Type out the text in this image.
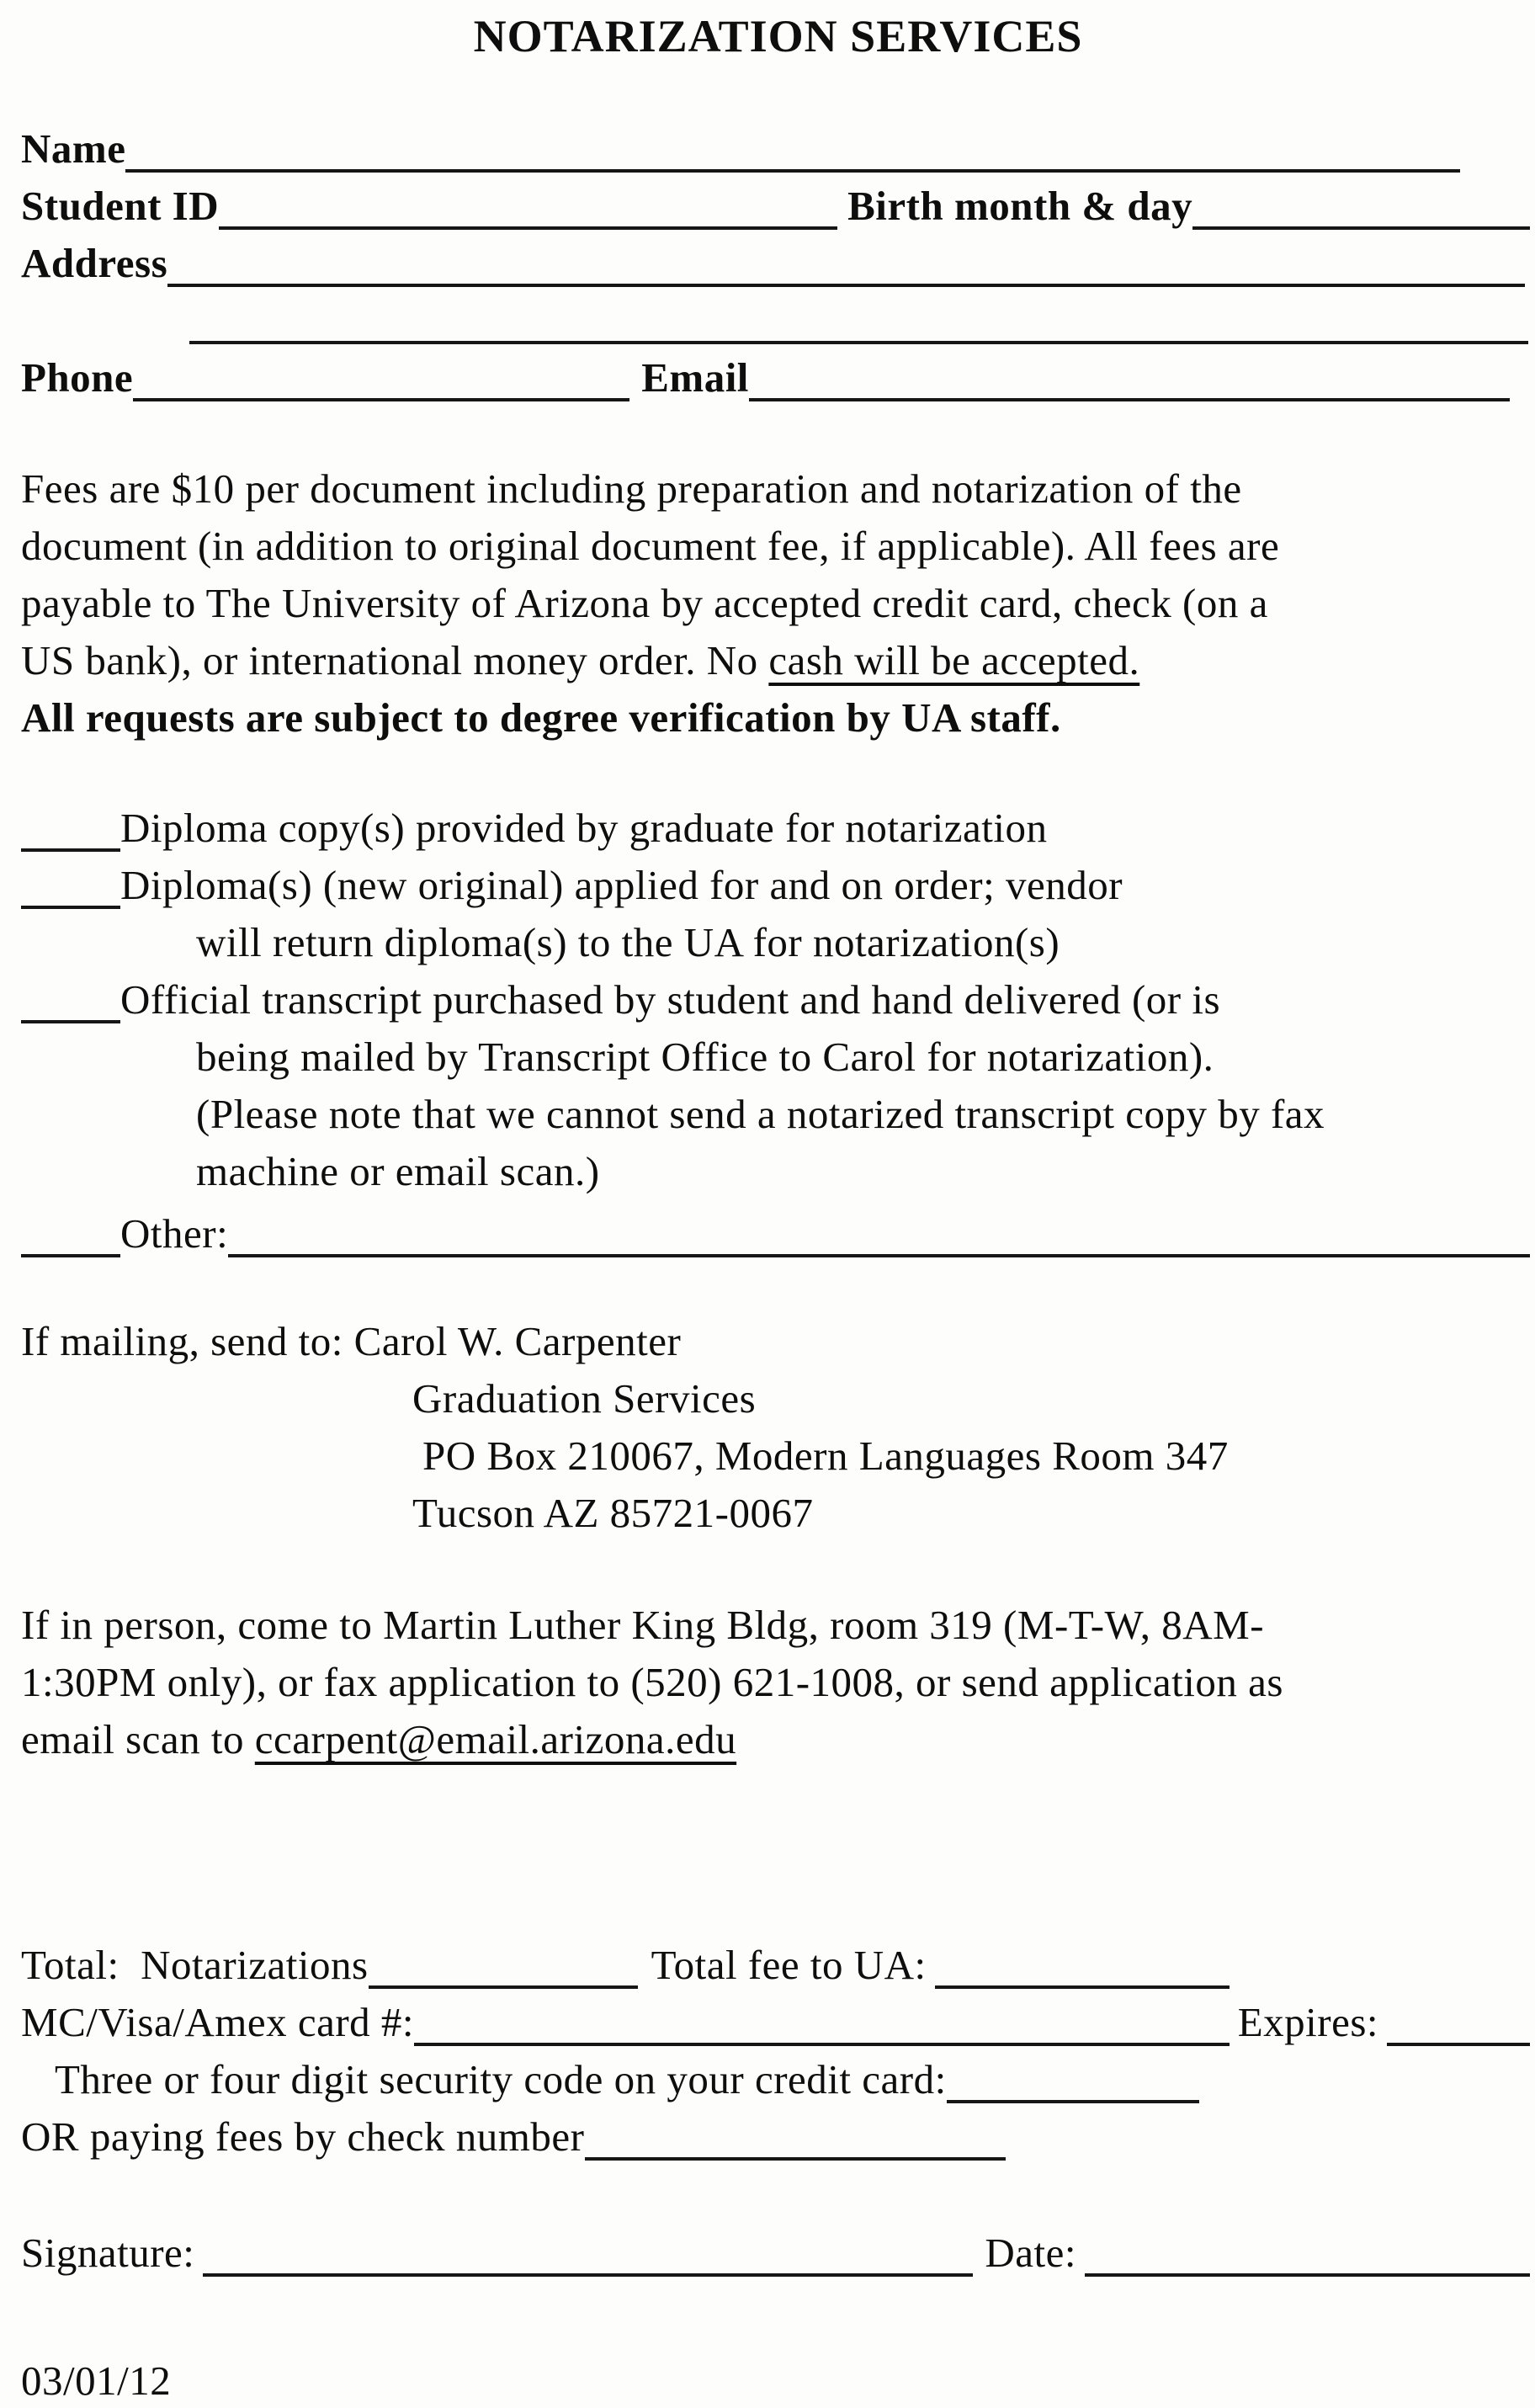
NOTARIZATION SERVICES
Name
Student ID	Birth month & day
Address
Phone	Email
Fees are $10 per document including preparation and notarization of the
document (in addition to original document fee, if applicable). All fees are
payable to The University of Arizona by accepted credit card, check (on a
US bank), or international money order. No cash will be accepted.
All requests are subject to degree verification by UA staff.
Diploma copy(s) provided by graduate for notarization
Diploma(s) (new original) applied for and on order; vendor
will return diploma(s) to the UA for notarization(s)
Official transcript purchased by student and hand delivered (or is
being mailed by Transcript Office to Carol for notarization).
(Please note that we cannot send a notarized transcript copy by fax
machine or email scan.)
Other:
If mailing, send to: Carol W. Carpenter
Graduation Services
PO Box 210067, Modern Languages Room 347
Tucson AZ 85721-0067
If in person, come to Martin Luther King Bldg, room 319 (M-T-W, 8AM-
1:30PM only), or fax application to (520) 621-1008, or send application as
email scan to ccarpent@email.arizona.edu
Total:  Notarizations	Total fee to UA:
MC/Visa/Amex card #:	Expires:
Three or four digit security code on your credit card:
OR paying fees by check number
Signature:	Date:
03/01/12
